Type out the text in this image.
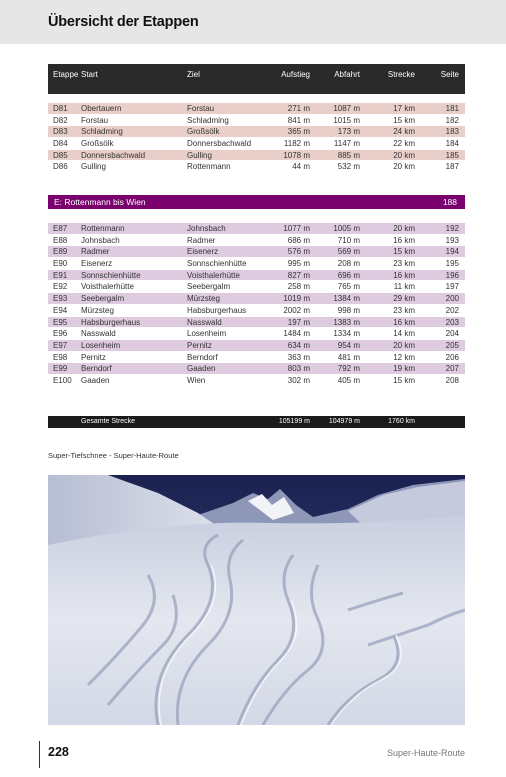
Übersicht der Etappen
Etappe Start	Ziel	Aufstieg	Abfahrt	Strecke	Seite
D81 Obertauern	Forstau	271 m	1087 m	17 km	181
D82 Forstau	Schladming	841 m	1015 m	15 km	182
D83 Schladming	Großsölk	365 m	173 m	24 km	183
D84 Großsölk	Donnersbachwald	1182 m	1147 m	22 km	184
D85 Donnersbachwald	Gulling	1078 m	885 m	20 km	185
D86 Gulling	Rottenmann	44 m	532 m	20 km	187
E: Rottenmann bis Wien	188
E87 Rottenmann	Johnsbach	1077 m	1005 m	20 km	192
E88 Johnsbach	Radmer	686 m	710 m	16 km	193
E89 Radmer	Eisenerz	576 m	569 m	15 km	194
E90 Eisenerz	Sonnschienhütte	995 m	208 m	23 km	195
E91 Sonnschienhütte	Voisthalerhütte	827 m	696 m	16 km	196
E92 Voisthalerhütte	Seebergalm	258 m	765 m	11 km	197
E93 Seebergalm	Mürzsteg	1019 m	1384 m	29 km	200
E94 Mürzsteg	Habsburgerhaus	2002 m	998 m	23 km	202
E95 Habsburgerhaus	Nasswald	197 m	1383 m	16 km	203
E96 Nasswald	Losenheim	1484 m	1334 m	14 km	204
E97 Losenheim	Pernitz	634 m	954 m	20 km	205
E98 Pernitz	Berndorf	363 m	481 m	12 km	206
E99 Berndorf	Gaaden	803 m	792 m	19 km	207
E100 Gaaden	Wien	302 m	405 m	15 km	208
Gesamte Strecke	105199 m	104979 m	1760 km
Super-Tiefschnee - Super-Haute-Route
228	Super-Haute-Route
